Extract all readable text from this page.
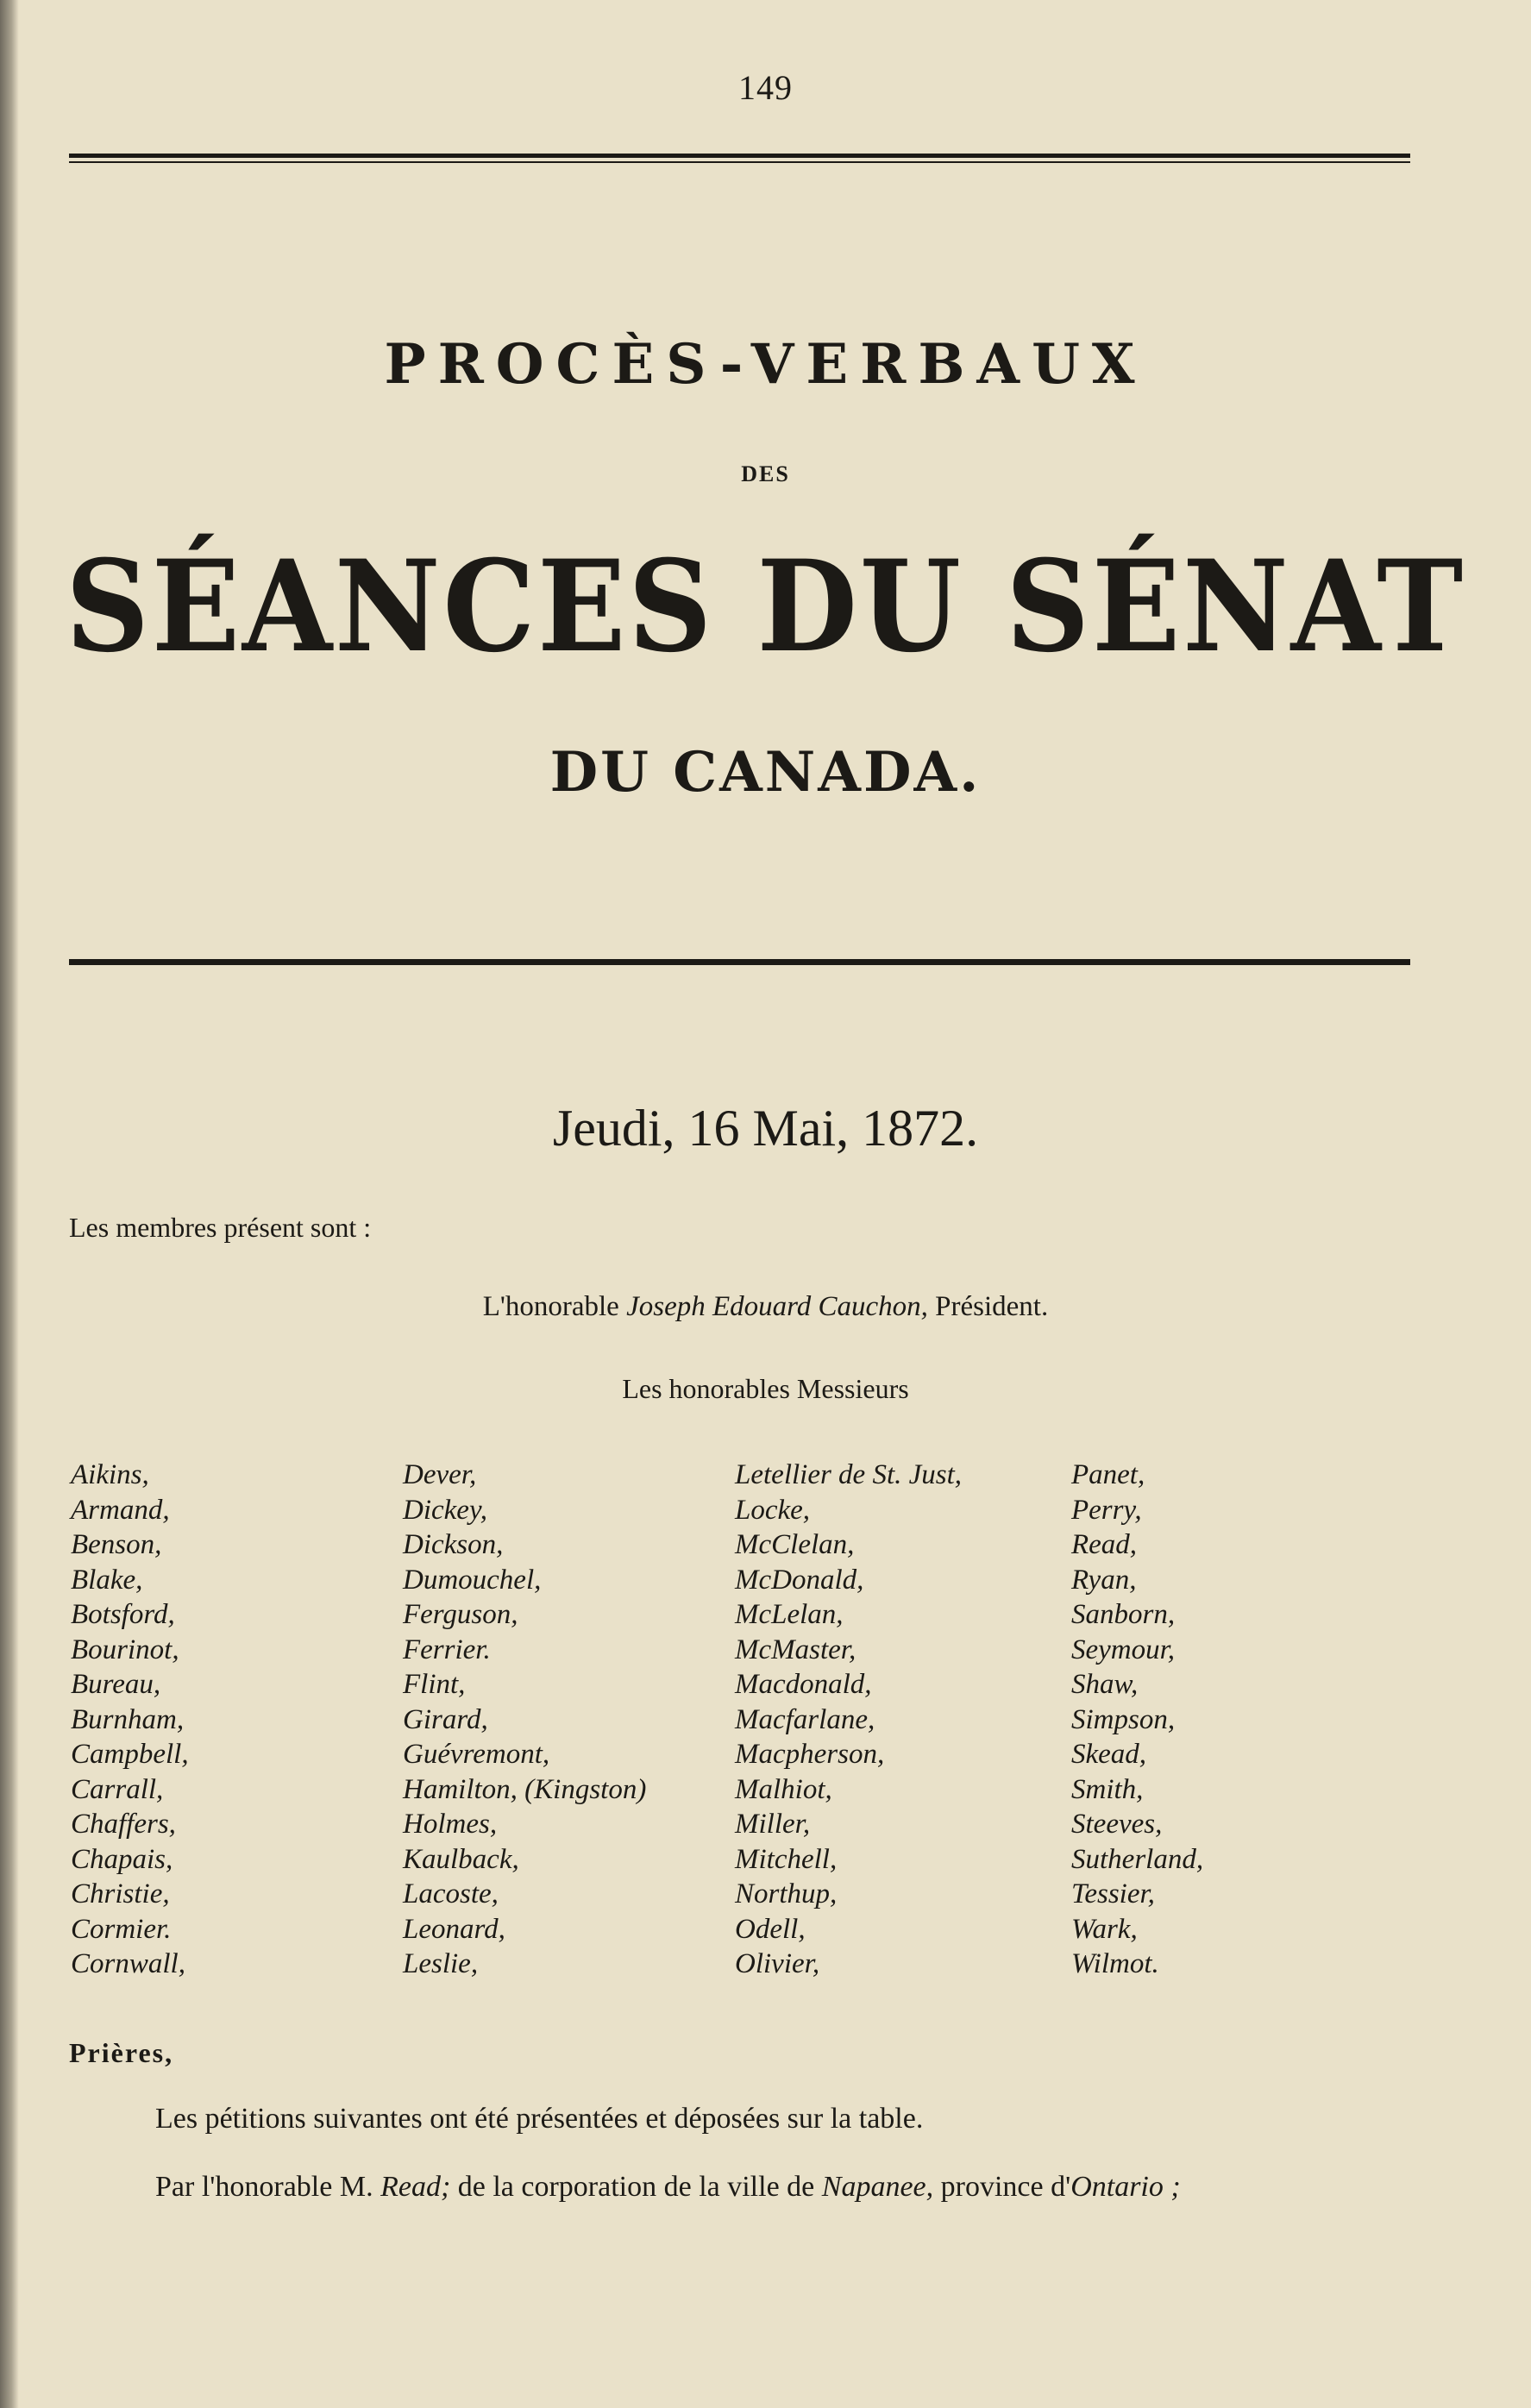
149
PROCÈS-VERBAUX
DES
SÉANCES DU SÉNAT
DU CANADA.
Jeudi, 16 Mai, 1872.
Les membres présent sont :
L'honorable Joseph Edouard Cauchon, Président.
Les honorables Messieurs
Aikins,
Armand,
Benson,
Blake,
Botsford,
Bourinot,
Bureau,
Burnham,
Campbell,
Carrall,
Chaffers,
Chapais,
Christie,
Cormier.
Cornwall,
Dever,
Dickey,
Dickson,
Dumouchel,
Ferguson,
Ferrier.
Flint,
Girard,
Guévremont,
Hamilton, (Kingston)
Holmes,
Kaulback,
Lacoste,
Leonard,
Leslie,
Letellier de St. Just,
Locke,
McClelan,
McDonald,
McLelan,
McMaster,
Macdonald,
Macfarlane,
Macpherson,
Malhiot,
Miller,
Mitchell,
Northup,
Odell,
Olivier,
Panet,
Perry,
Read,
Ryan,
Sanborn,
Seymour,
Shaw,
Simpson,
Skead,
Smith,
Steeves,
Sutherland,
Tessier,
Wark,
Wilmot.
Prières,
Les pétitions suivantes ont été présentées et déposées sur la table.
Par l'honorable M. Read; de la corporation de la ville de Napanee, province d'Ontario ;
